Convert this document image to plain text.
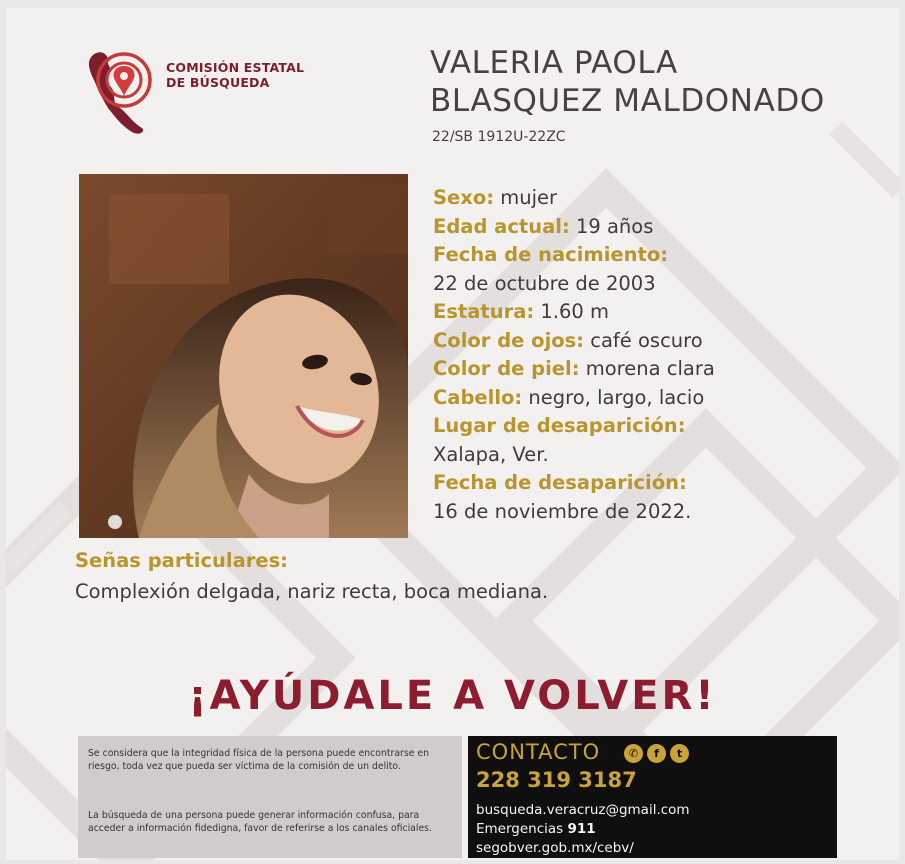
COMISIÓN ESTATAL
DE BÚSQUEDA
VALERIA PAOLA
BLASQUEZ MALDONADO
22/SB 1912U-22ZC
Sexo: mujer
Edad actual: 19 años
Fecha de nacimiento:
22 de octubre de 2003
Estatura: 1.60 m
Color de ojos: café oscuro
Color de piel: morena clara
Cabello: negro, largo, lacio
Lugar de desaparición:
Xalapa, Ver.
Fecha de desaparición:
16 de noviembre de 2022.
Señas particulares:
Complexión delgada, nariz recta, boca mediana.
¡AYÚDALE A VOLVER!

Se considera que la integridad física de la persona puede encontrarse en riesgo, toda vez que pueda ser víctima de la comisión de un delito.

La búsqueda de una persona puede generar información confusa, para acceder a información fidedigna, favor de referirse a los canales oficiales.

CONTACTO	✆	f	t
228 319 3187
busqueda.veracruz@gmail.com
Emergencias 911
segobver.gob.mx/cebv/
